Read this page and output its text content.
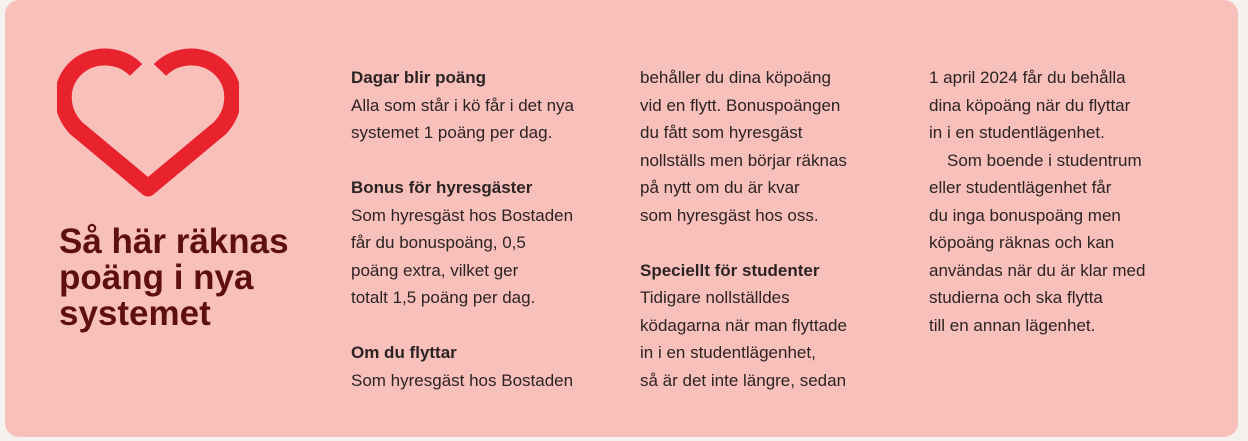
Så här räknas
poäng i nya
systemet
Dagar blir poäng
Alla som står i kö får i det nya
systemet 1 poäng per dag.
Bonus för hyresgäster
Som hyresgäst hos Bostaden
får du bonuspoäng, 0,5
poäng extra, vilket ger
totalt 1,5 poäng per dag.
Om du flyttar
Som hyresgäst hos Bostaden
behåller du dina köpoäng
vid en flytt. Bonuspoängen
du fått som hyresgäst
nollställs men börjar räknas
på nytt om du är kvar
som hyresgäst hos oss.
Speciellt för studenter
Tidigare nollställdes
ködagarna när man flyttade
in i en studentlägenhet,
så är det inte längre, sedan
1 april 2024 får du behålla
dina köpoäng när du flyttar
in i en studentlägenhet.
Som boende i studentrum
eller studentlägenhet får
du inga bonuspoäng men
köpoäng räknas och kan
användas när du är klar med
studierna och ska flytta
till en annan lägenhet.
